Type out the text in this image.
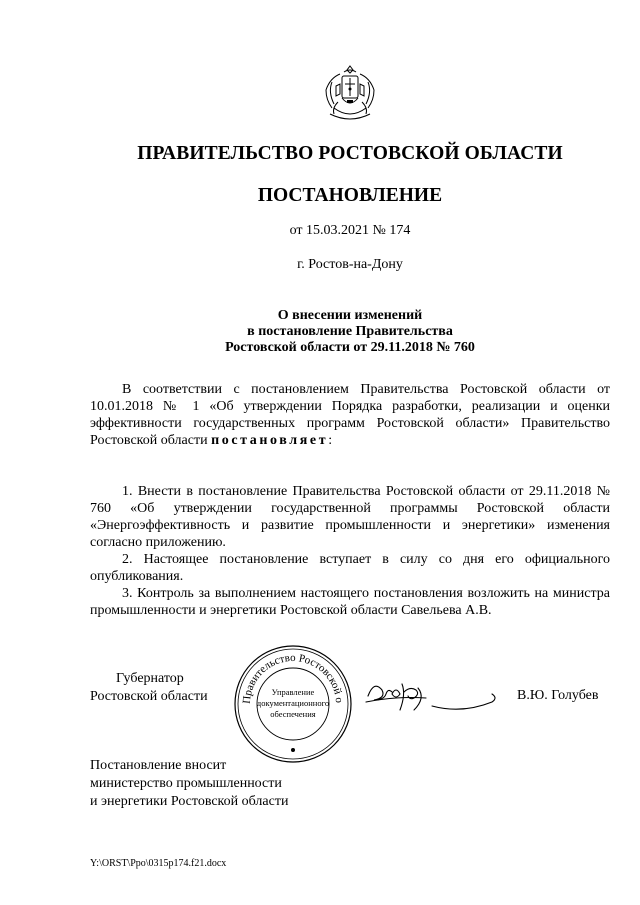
ПРАВИТЕЛЬСТВО РОСТОВСКОЙ ОБЛАСТИ
ПОСТАНОВЛЕНИЕ
от 15.03.2021 № 174
г. Ростов-на-Дону
О внесении изменений
в постановление Правительства
Ростовской области от 29.11.2018 № 760

В соответствии с постановлением Правительства Ростовской области от 10.01.2018 № 1 «Об утверждении Порядка разработки, реализации и оценки эффективности государственных программ Ростовской области» Правительство Ростовской области постановляет:

1. Внести в постановление Правительства Ростовской области от 29.11.2018 № 760 «Об утверждении государственной программы Ростовской области «Энергоэффективность и развитие промышленности и энергетики» изменения согласно приложению.

2. Настоящее постановление вступает в силу со дня его официального опубликования.

3. Контроль за выполнением настоящего постановления возложить на министра промышленности и энергетики Ростовской области Савельева А.В.

Губернатор
Ростовской области	Правительство Ростовской о
Управление
документационного
обеспечения
В.Ю. Голубев
Постановление вносит
министерство промышленности
и энергетики Ростовской области
Y:\ORST\Ppo\0315p174.f21.docx
